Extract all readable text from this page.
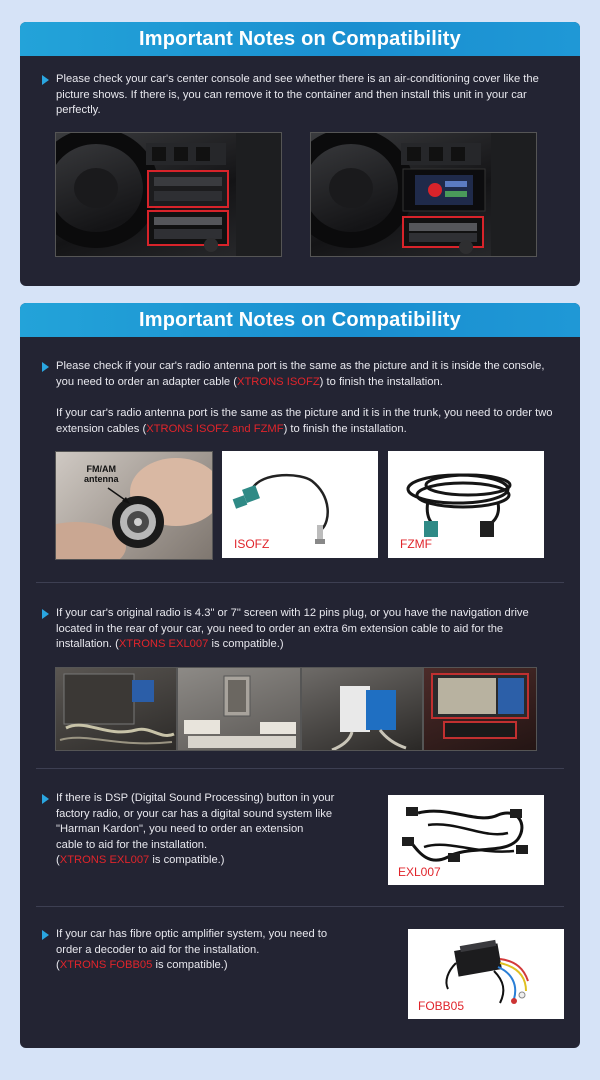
Important Notes on Compatibility
Please check your car's center console and see whether there is an air-conditioning cover like the picture shows. If there is, you can remove it to the container and then install this unit in your car perfectly.
Important Notes on Compatibility
Please check if your car's radio antenna port is the same as the picture and it is inside the console, you need to order an adapter cable (XTRONS ISOFZ) to finish the installation.
If your car's radio antenna port is the same as the picture and it is in the trunk, you need to order two extension cables (XTRONS ISOFZ and FZMF) to finish the installation.
FM/AM
antenna
ISOFZ	FZMF
If your car's original radio is 4.3" or 7" screen with 12 pins plug, or you have the navigation drive located in the rear of your car, you need to order an extra 6m extension cable to aid for the installation. (XTRONS EXL007 is compatible.)
If there is DSP (Digital Sound Processing) button in your
factory radio, or your car has a digital sound system like
"Harman Kardon", you need to order an extension
cable to aid for the installation.
(XTRONS EXL007 is compatible.)
EXL007
If your car has fibre optic amplifier system, you need to
order a decoder to aid for the installation.
(XTRONS FOBB05 is compatible.)
FOBB05
